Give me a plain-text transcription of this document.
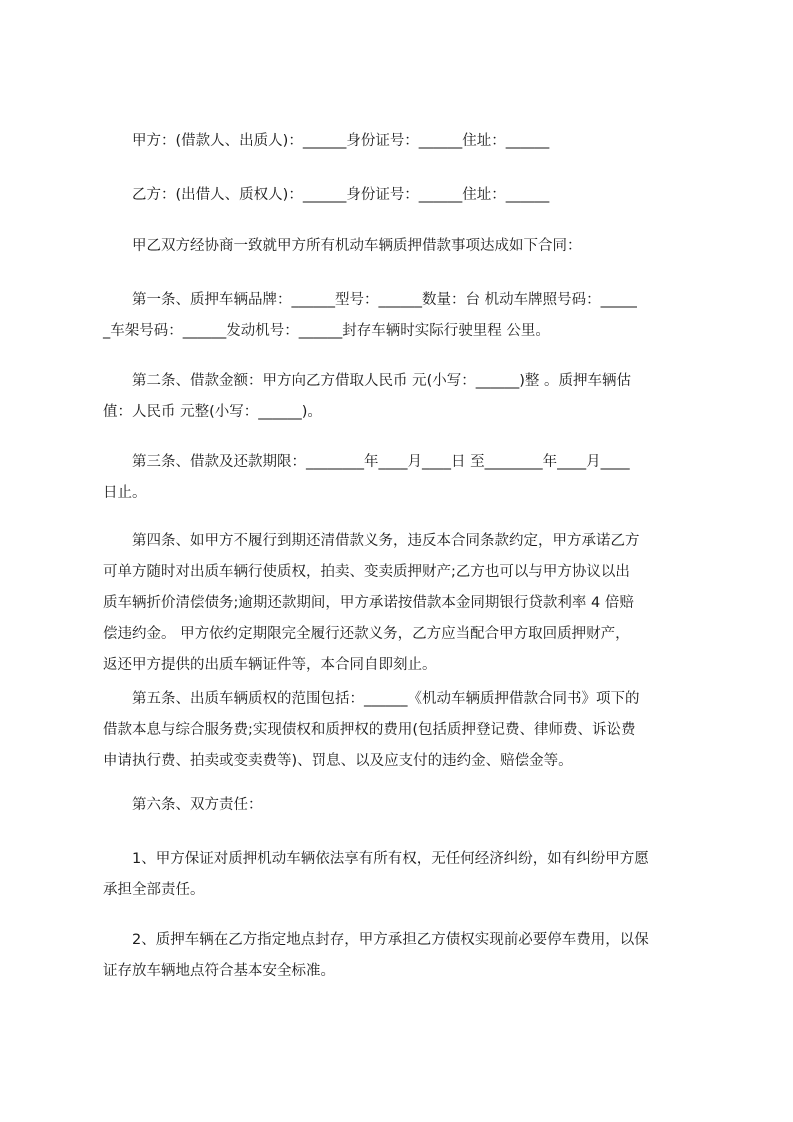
　　甲方：(借款人、出质人)：______身份证号：______住址：______

　　乙方：(出借人、质权人)：______身份证号：______住址：______

　　甲乙双方经协商一致就甲方所有机动车辆质押借款事项达成如下合同：

　　第一条、质押车辆品牌：______型号：______数量：台 机动车牌照号码：_____
_车架号码：______发动机号：______封存车辆时实际行驶里程 公里。

　　第二条、借款金额：甲方向乙方借取人民币 元(小写：______)整 。质押车辆估
值：人民币 元整(小写：______)。

　　第三条、借款及还款期限：________年____月____日 至________年____月____
日止。

　　第四条、如甲方不履行到期还清借款义务，违反本合同条款约定，甲方承诺乙方
可单方随时对出质车辆行使质权，拍卖、变卖质押财产;乙方也可以与甲方协议以出
质车辆折价清偿债务;逾期还款期间，甲方承诺按借款本金同期银行贷款利率 4 倍赔
偿违约金。 甲方依约定期限完全履行还款义务，乙方应当配合甲方取回质押财产，
返还甲方提供的出质车辆证件等，本合同自即刻止。

　　第五条、出质车辆质权的范围包括：______《机动车辆质押借款合同书》项下的
借款本息与综合服务费;实现债权和质押权的费用(包括质押登记费、律师费、诉讼费
申请执行费、拍卖或变卖费等)、罚息、以及应支付的违约金、赔偿金等。

　　第六条、双方责任：

　　1、甲方保证对质押机动车辆依法享有所有权，无任何经济纠纷，如有纠纷甲方愿
承担全部责任。

　　2、质押车辆在乙方指定地点封存，甲方承担乙方债权实现前必要停车费用，以保
证存放车辆地点符合基本安全标准。
